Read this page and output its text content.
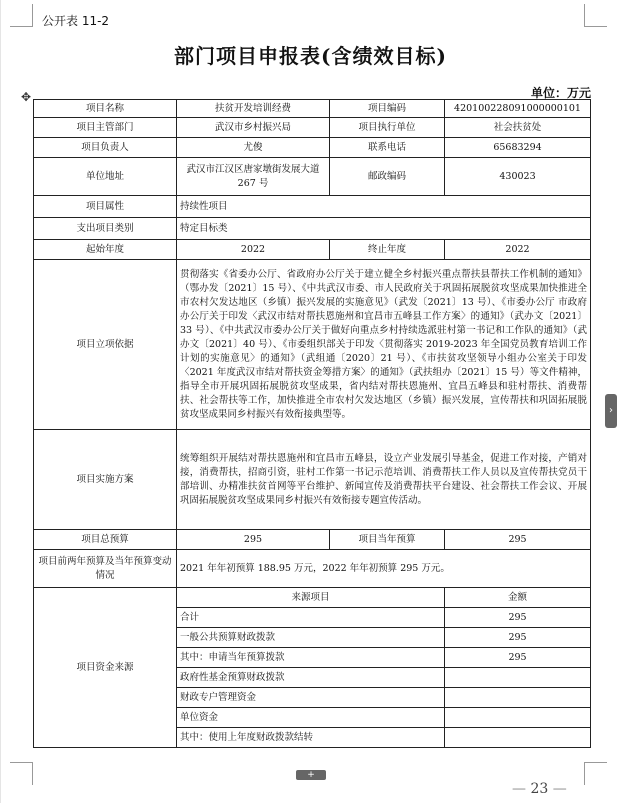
公开表 11-2
部门项目申报表(含绩效目标)
单位：万元
✥
项目名称	扶贫开发培训经费	项目编码	420100228091000000101
项目主管部门	武汉市乡村振兴局	项目执行单位	社会扶贫处
项目负责人	尤俊	联系电话	65683294
单位地址	武汉市江汉区唐家墩街发展大道 267 号	邮政编码	430023
项目属性	持续性项目		
支出项目类别	特定目标类		
起始年度	2022	终止年度	2022
项目立项依据	贯彻落实《省委办公厅、省政府办公厅关于建立健全乡村振兴重点帮扶县帮扶工作机制的通知》（鄂办发〔2021〕15 号）、《中共武汉市委、市人民政府关于巩固拓展脱贫攻坚成果加快推进全市农村欠发达地区（乡镇）振兴发展的实施意见》（武发〔2021〕13 号）、《市委办公厅 市政府办公厅关于印发〈武汉市结对帮扶恩施州和宜昌市五峰县工作方案〉的通知》（武办文〔2021〕33 号）、《中共武汉市委办公厅关于做好向重点乡村持续选派驻村第一书记和工作队的通知》（武办文〔2021〕40 号）、《市委组织部关于印发〈贯彻落实 2019-2023 年全国党员教育培训工作计划的实施意见〉的通知》（武组通〔2020〕21 号）、《市扶贫攻坚领导小组办公室关于印发〈2021 年度武汉市结对帮扶资金筹措方案〉的通知》（武扶组办〔2021〕15 号）等文件精神，指导全市开展巩固拓展脱贫攻坚成果，省内结对帮扶恩施州、宜昌五峰县和驻村帮扶、消费帮扶、社会帮扶等工作，加快推进全市农村欠发达地区（乡镇）振兴发展，宣传帮扶和巩固拓展脱贫攻坚成果同乡村振兴有效衔接典型等。		
项目实施方案	统筹组织开展结对帮扶恩施州和宜昌市五峰县，设立产业发展引导基金，促进工作对接，产销对接，消费帮扶，招商引资，驻村工作第一书记示范培训、消费帮扶工作人员以及宣传帮扶党员干部培训、办精准扶贫首网等平台维护、新闻宣传及消费帮扶平台建设、社会帮扶工作会议、开展巩固拓展脱贫攻坚成果同乡村振兴有效衔接专题宣传活动。		
项目总预算	295	项目当年预算	295
项目前两年预算及当年预算变动情况	2021 年年初预算 188.95 万元，2022 年年初预算 295 万元。		
项目资金来源	来源项目		金额
	合计		295
	一般公共预算财政拨款		295
	其中：申请当年预算拨款		295
	政府性基金预算财政拨款		
	财政专户管理资金		
	单位资金		
	其中：使用上年度财政拨款结转		
›
+
— 23 —
